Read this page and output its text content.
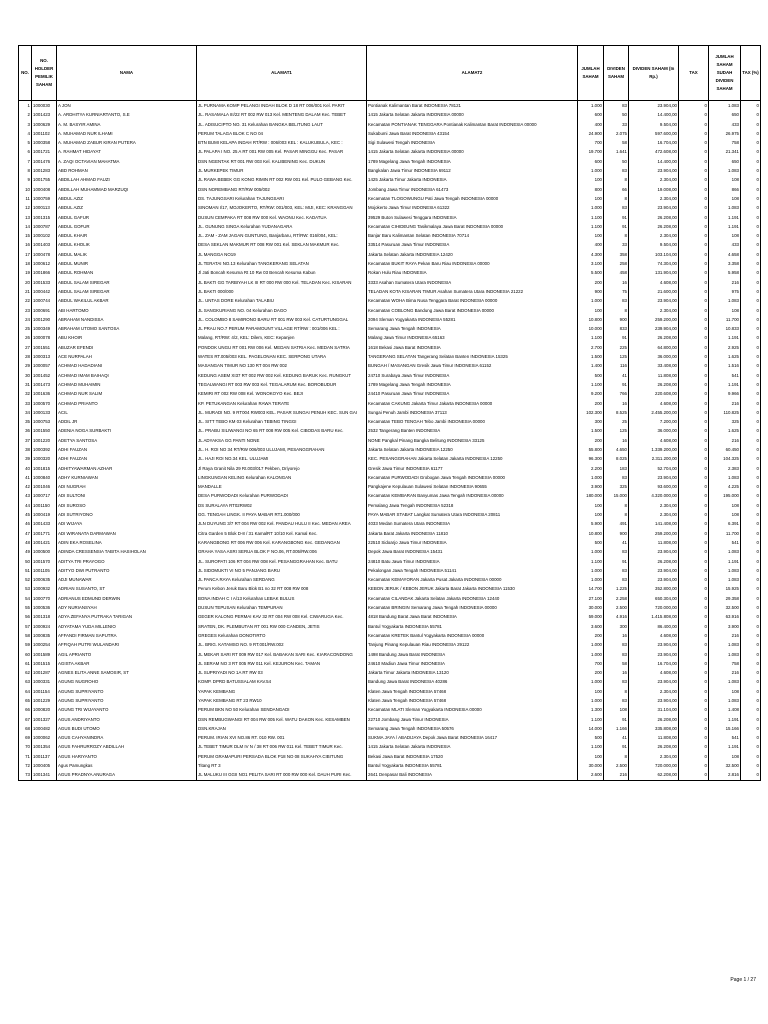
NO.	NO. HOLDER PEMILIK SAHAM	NAMA	ALAMAT1	ALAMAT2	JUMLAH SAHAM	DIVIDEN SAHAM	DIVIDEN SAHAM (In Rp.)	TAX	JUMLAH SAHAM SUDAH DIVIDEN SAHAM	TAX (%)
1	1000030	A JON	JL PURNAMA KOMP PELANGI INDAH BLOK D 18 RT 006/001 Kel. PARIT	Pontianak Kalimantan Barat INDONESIA 78121	1.000	83	23.904,00	0	1.083	0
2	1001423	A. ARDHITYA KURNIARTANTO, S.E	JL. RASAMALA III/22 RT 002 RW 013 Kel. MENTENG DALAM Kec. TEBET	1415 Jakarta Selatan Jakarta INDONESIA 00000	600	50	14.400,00	0	650	0
3	1000629	A. M. BASYIR AMINA	JL. ADISUCIPTO NO. 31 Kelurahan BANGKA BELITUNG LAUT	Kecamatan PONTIANAK TENGGARA Pontianak Kalimantan Barat INDONESIA 00000	400	33	9.504,00	0	433	0
4	1001102	A. MUHAMAD NUR ILHAMI	PERUM TALAGA BLOK C NO 04	Sukabumi Jawa Barat INDONESIA 43154	24.900	2.075	597.600,00	0	26.975	0
5	1000358	A. MUHAMAD ZABUR KIRAN PUTERA	BTN BUMI KELAPA INDAH RT/RW : 006/003 KEL : KALUKUBULA, KEC :	Sigi Sulawesi Tengah INDONESIA	700	58	16.704,00	0	758	0
6	1001721	A. RAHMAT HIDAYAT	JL PALAPA I NO. 25 A RT 001 RW 005 Kel. PASAR MINGGU Kec. PASAR	1415 Jakarta Selatan Jakarta INDONESIA 00000	19.700	1.641	472.608,00	0	21.341	0
7	1001476	A. ZAQI OCTAVIAN MAHATMA	DSN NGENTAK RT 001 RW 003 Kel. KALIBENING Kec. DUKUN	1789 Magelang Jawa Tengah INDONESIA	600	50	14.400,00	0	650	0
8	1001283	ABD ROHMAN	JL MURKEPEK TIMUR	Bangkalan Jawa Timur INDONESIA 69112	1.000	83	23.904,00	0	1.083	0
9	1001755	ABDILLAH AHMAD FAUZI	JL RAWA BEBEK GG KONG RIMIN RT 002 RW 001 Kel. PULO GEBANG Kec.	1425 Jakarta Timur Jakarta INDONESIA	100	8	2.304,00	0	108	0
10	1000408	ABDILLAH MUHAMMAD MARZUQI	DSN NOREMBANG RT/RW 005/002	Jombang Jawa Timur INDONESIA 61473	800	66	19.008,00	0	866	0
11	1000759	ABDUL AZIZ	DS. TAJUNGSARI Kelurahan TAJUNGSARI	Kecamatan TLOGOWUNGU Pati Jawa Tengah INDONESIA 00000	100	8	2.304,00	0	108	0
12	1000113	ABDUL AZIZ	SINOMAN I/17, MOJOKERTO, RT/RW: 001/003, KEL: MIJI, KEC: KRANGGAN	Mojokerto Jawa Timur INDONESIA 61322	1.000	83	23.904,00	0	1.083	0
13	1001315	ABDUL GAFUR	DUSUN CEMPAKA RT 008 RW 000 Kel. WAONU Kec. KADATUA	39529 Buton Sulawesi Tenggara INDONESIA	1.100	91	26.208,00	0	1.191	0
14	1000787	ABDUL GOFUR	JL. GUNUNG SINGA Kelurahan YUDANAGARA	Kecamatan CIHIDEUNG Tasikmalaya Jawa Barat INDONESIA 00000	1.100	91	26.208,00	0	1.191	0
15	1000102	ABDUL KHAIR	JL. ZAM - ZAM JAGAN GUNTUNG, Banjarbaru, RT/RW: 016/004, KEL:	Banjar Baru Kalimantan Selatan INDONESIA 70714	100	8	2.304,00	0	108	0
16	1001403	ABDUL KHOLIK	DESA SEKLAN MAKMUR RT 008 RW 001 Kel. SEKLAN MAKMUR Kec.	33514 Pasuruan Jawa Timur INDONESIA	400	33	9.504,00	0	433	0
17	1000478	ABDUL MALIK	JL MANGGA NO19	Jakarta Selatan Jakarta INDONESIA 12420	4.300	358	103.104,00	0	4.658	0
18	1000612	ABDUL MUNIR	JL TERATAI NO.13 Kelurahan TANGKERANG SELATAN	Kecamatan BUKIT RAYA Pekan Baru Riau INDONESIA 00000	3.100	258	74.304,00	0	3.358	0
19	1001866	ABDUL ROHMAN	Jl Jati Boncah Kesuma Rt 10 Rw 03 Bencah Kesuma Kabun	Rokan Hulu Riau INDONESIA	5.500	458	131.904,00	0	5.958	0
20	1001533	ABDUL SALAM SIREGAR	JL BAKTI GG TARBIYAH LK III RT 000 RW 000 Kel. TELADAN Kec. KISARAN	3333 Asahan Sumatera Utara INDONESIA	200	16	4.608,00	0	216	0
21	1000442	ABDUL SALAM SIREGAR	JL BAKTI 000/000	TELADAN KOTA KISARAN TIMUR Asahan Sumatera Utara INDONESIA 21222	900	75	21.600,00	0	975	0
22	1000744	ABDUL WAKILUL AKBAR	JL. UNTAS DORE Kelurahan TALABIU	Kecamatan WOHA Bima Nusa Tenggara Barat INDONESIA 00000	1.000	83	23.904,00	0	1.083	0
23	1000691	ABI HARTOMO	JL SANGKURIANG NO. 04 Kelurahan DAGO	Kecamatan COBLONG Bandung Jawa Barat INDONESIA 00000	100	8	2.304,00	0	108	0
24	1001290	ABRAHAM NANDISSA	JL. COLOMBO 8 SAMIRONO BARU RT 001 RW 003 Kel. CATURTUNGGAL	2094 Sleman Yogyakarta INDONESIA 55281	10.800	900	259.200,00	0	11.700	0
25	1000349	ABRAHAM UTOMO SANTOSA	JL PRAU NO.7 PERUM PARAMOUNT VILLAGE RT/RW : 001/006 KEL :	Semarang Jawa Tengah INDONESIA	10.000	833	239.904,00	0	10.833	0
26	1000078	ABU KHOIR	Malang, RT/RW: 4/2, KEL: Dilem, KEC: Kepanjen	Malang Jawa Timur INDONESIA 65163	1.100	91	26.208,00	0	1.191	0
27	1001551	ABUZAR EFENDI	PONDOK UNGU RT 001 RW 006 Kel. MEDAN SATRIA Kec. MEDAN SATRIA	1618 Bekasi Jawa Barat INDONESIA	2.700	225	64.800,00	0	2.925	0
28	1000313	ACE NURPALAH	WATES RT.005/003 KEL. PAGELONAN KEC. SERPONG UTARA	TANGERANG SELATAN Tangerang Selatan Banten INDONESIA 15325	1.500	125	36.000,00	0	1.625	0
29	1000057	ACHMAD HADADIANI	MASANGAN TIMUR NO 130 RT 004 RW 002	BUNGAH / MASANGAN Gresik Jawa Timur INDONESIA 61152	1.400	116	33.408,00	0	1.516	0
30	1001452	ACHMAD IMAM BAIHAQI	KEDUNG ASEM XI37 RT 002 RW 002 Kel. KEDUNG BARUK Kec. RUNGKUT	24710 Surabaya Jawa Timur INDONESIA	500	41	11.808,00	0	541	0
31	1001473	ACHMAD MUHAIMIN	TEGALWANGI RT 003 RW 003 Kel. TEGALARUM Kec. BOROBUDUR	1789 Magelang Jawa Tengah INDONESIA	1.100	91	26.208,00	0	1.191	0
32	1001636	ACHMAD NUR SALIM	KEMIRI RT 002 RW 008 Kel. WONOKOYO Kec. BEJI	24410 Pasuruan Jawa Timur INDONESIA	9.200	766	220.608,00	0	9.966	0
33	1000570	ACHMAD PRIANTO	KP. PETUKANGAN Kelurahan RAWA TERATE	Kecamatan CAKUNG Jakarta Timur Jakarta INDONESIA 00000	200	16	4.608,00	0	216	0
34	1000133	ACIL	JL. MURADI NO. 9 RT004 RW003 KEL. PASAR SUNGAI PENUH KEC. SUN GAI	Sungai Penuh Jambi INDONESIA 37113	102.300	8.525	2.455.200,00	0	110.825	0
35	1000753	ADDIL JR	JL. SITT TEBO KM 03 Kelurahan TEBING TINGGI	Kecamatan TEBO TENGAH Tebo Jambi INDONESIA 00000	300	25	7.200,00	0	325	0
36	1001550	ADENIA NOGA SURBAKTI	JL. PRABU SILIWANGI NO 65 RT 008 RW 005 Kel. CIBODAS BARU Kec.	2532 Tangerang Banten INDONESIA	1.500	125	36.000,00	0	1.625	0
37	1001220	ADETYA SANTOSA	JL ADYAKSA GG PANTI NONE	NONE Pangkal Pinang Bangka Belitung INDONESIA 33125	200	16	4.608,00	0	216	0
38	1000392	ADHI FAUZAN	JL. H. ROI NO 34 RT/RW 006/003 ULUJAMI, PESANGGRAHAN	Jakarta Selatan Jakarta INDONESIA 12250	55.800	4.650	1.339.200,00	0	60.450	0
39	1000320	ADHI FAUZAN	JL. HAJI ROI NO.34 KEL. ULUJAMI	KEC. PESANGGRAHAN Jakarta Selatan Jakarta INDONESIA 12250	96.300	8.025	2.311.200,00	0	104.325	0
40	1001815	ADHITYAWARMAN AZHAR	Jl Raya Granit Nila 29 Rt.003/017 Pekben, Driyorejo	Gresik Jawa Timur INDONESIA 61177	2.200	183	52.704,00	0	2.383	0
41	1000840	ADHY KURNIAWAN	LINGKUNGAN KELING Kelurahan KALONGAN	Kecamatan PURWODADI Grobogan Jawa Tengah INDONESIA 00000	1.000	83	23.904,00	0	1.083	0
42	1001046	ADI NUGRAH	MANDALLE	Pangkajene Kepulauan Sulawesi Selatan INDONESIA 90655	3.900	325	93.600,00	0	4.225	0
43	1000717	ADI SULTONI	DESA PURWODADI Kelurahan PURWODADI	Kecamatan KEMBARAN Banyumas Jawa Tengah INDONESIA 00000	180.000	15.000	4.320.000,00	0	195.000	0
44	1001150	ADI SUROSO	DS SURALAYA RT02RW02	Pemalang Jawa Tengah INDONESIA 52318	100	8	2.304,00	0	108	0
45	1000419	ADI SUTRIYONO	GG. TENGAH LINGK. II PAYA MABAR RT1.000/000	PAYA MABAR STABAT Langkat Sumatera Utara INDONESIA 20811	100	8	2.304,00	0	108	0
46	1001433	ADI WIJAYA	JLN DUYUNG 3/7 RT 004 RW 002 Kel. PANDAU HULU II Kec. MEDAN AREA	4033 Medan Sumatera Utara INDONESIA	5.900	491	141.408,00	0	6.391	0
47	1001771	ADI WIRANATA DARMAWAN	Citra Garden 5 Blok D-8 / 31 KamalRT 10/10 Kel. Kamal Kec.	Jakarta Barat Jakarta INDONESIA 11810	10.800	900	259.200,00	0	11.700	0
48	1001421	ADIN EKA ROSELINA	KARANGBONG RT 006 RW 006 Kel. KARANGBONG Kec. GEDANGAN	22510 Sidoarjo Jawa Timur INDONESIA	500	41	11.808,00	0	541	0
49	1000500	ADINDA CRESSENSIA TABITA HASIHOLAN	GRAHA YASA ASRI SERUA BLOK F NO.06, RT.005/RW.006	Depok Jawa Barat INDONESIA 15431	1.000	83	23.904,00	0	1.083	0
50	1001570	ADITYA TRI PRAYOGO	JL. SUROPATI 106 RT 004 RW 008 Kel. PESANGGRAHAN Kec. BATU	24810 Batu Jawa Timur INDONESIA	1.100	91	26.208,00	0	1.191	0
51	1001105	ADITYO DWI PUTRANTO	JL SIDOMUKTI VI NO 5 PANJANG BARU	Pekalongan Jawa Tengah INDONESIA 51141	1.000	83	23.904,00	0	1.083	0
52	1000635	ADJI MUNAWAR	JL PANCA RAYA Kelurahan SERDANG	Kecamatan KEMAYORAN Jakarta Pusat Jakarta INDONESIA 00000	1.000	83	23.904,00	0	1.083	0
53	1000932	ADRIAN SUSANTO, ST	Perum Kebon Jeruk Baru Blok B1 no 32 RT 008 RW 008	KEBON JERUK / KEBON JERUK Jakarta Barat Jakarta INDONESIA 11530	14.700	1.225	352.800,00	0	15.925	0
54	1000770	ADRIANUS EDMUND DERWIN	BONA INDAH C I A/13 Kelurahan LEBAK BULUS	Kecamatan CILANDAK Jakarta Selatan Jakarta INDONESIA 12440	27.100	2.258	650.304,00	0	29.358	0
55	1000536	ADY NURIANSYAH	DUSUN TEPUSAN Kelurahan TEMPURAN	Kecamatan BRINGIN Semarang Jawa Tengah INDONESIA 00000	30.000	2.500	720.000,00	0	32.500	0
56	1001318	ADYA ZEFANYA PUTRAKA TARIGAN	GEGER KALONG PERMAI KAV 32 RT 004 RW 008 Kel. CIWARUGA Kec.	4818 Bandung Barat Jawa Barat INDONESIA	59.000	4.916	1.415.808,00	0	63.916	0
57	1000924	ADYATAMA YUDA MILLENIO	SRATEN, DK. PLEMBUTAN RT 001 RW 000 CANDEN, JETIS	Bantul Yogyakarta INDONESIA 55781	3.600	300	86.400,00	0	3.900	0
58	1000835	AFFANDI FIRMAN SAPUTRA	GREGES Kelurahan DONOTIRTO	Kecamatan KRETEK Bantul Yogyakarta INDONESIA 00000	200	16	4.608,00	0	216	0
59	1000254	AFFIQAH PUTRI WULANDARI	JL. BRIG. KATAMSO NO. 9 RT.001/RW.002	Tanjung Pinang Kepulauan Riau INDONESIA 29122	1.000	83	23.904,00	0	1.083	0
60	1001589	AGIL APRIANTO	JL MEKAR SARI RT 009 RW 017 Kel. BABAKAN SARI Kec. KIARACONDONG	1498 Bandung Jawa Barat INDONESIA	1.000	83	23.904,00	0	1.083	0
61	1001515	AGISTA AKBAR	JL SERAM NO 3 RT 005 RW 011 Kel. KEJURON Kec. TAMAN	24610 Madiun Jawa Timur INDONESIA	700	58	16.704,00	0	758	0
62	1001287	AGNES ELITA ANNE SAMOSIR, ST	JL SUPRIYADI NO 1A RT RW 03	Jakarta Timur Jakarta INDONESIA 13120	200	16	4.608,00	0	216	0
63	1000331	AGUNG NUGROHO	KOMP. DPRD BATUSSALAM KAV.54	Bandung Jawa Barat INDONESIA 40286	1.000	83	23.904,00	0	1.083	0
64	1001154	AGUNG SUPRIYANTO	YAPAK KEMBANG	Klaten Jawa Tengah INDONESIA 57468	100	8	2.304,00	0	108	0
65	1001229	AGUNG SUPRIYANTO	YAPAK KEMBANG RT 23 RW10	Klaten Jawa Tengah INDONESIA 57468	1.000	83	23.904,00	0	1.083	0
66	1000820	AGUNG TRI WIJAYANTO	PERUM BKN NO 50 Kelurahan SENDANGADI	Kecamatan MLATI Sleman Yogyakarta INDONESIA 00000	1.300	108	31.104,00	0	1.408	0
67	1001327	AGUS ANDRIYANTO	DSN REMBUGWANGI RT 004 RW 005 Kel. WATU DAKON Kec. KESAMBEN	22710 Jombang Jawa Timur INDONESIA	1.100	91	26.208,00	0	1.191	0
68	1000482	AGUS BUDI UTOMO	DSN.KRAJAN	Semarang Jawa Tengah INDONESIA 50576	14.000	1.166	335.808,00	0	15.166	0
69	1000062	AGUS CAHYANINDRA	PERUM. IRIAN XVI NO.86 RT. 010 RW. 001	SUKMA JAYA / ABADIJAYA Depok Jawa Barat INDONESIA 16417	500	41	11.808,00	0	541	0
70	1001354	AGUS FAHRURROZY ABDILLAH	JL TEBET TIMUR DLM IV N / 38 RT 006 RW 011 Kel. TEBET TIMUR Kec.	1415 Jakarta Selatan Jakarta INDONESIA	1.100	91	26.208,00	0	1.191	0
71	1001137	AGUS HARIYANTO	PERUM GRAMAPURI PERSADA BLOK P18 NO 08 SUKAHYA CIBITUNG	Bekasi Jawa Barat INDONESIA 17520	100	8	2.304,00	0	108	0
72	1000405	Agus Pamungkas	Titang RT 3	Bantul Yogyakarta INDONESIA 55781	30.000	2.500	720.000,00	0	32.500	0
73	1001341	AGUS PRADNYA ANURAGA	JL MALUKU III GGII NO1 PELITA SARI RT 000 RW 000 Kel. DAUH PURI Kec.	2641 Denpasar Bali INDONESIA	2.600	216	62.208,00	0	2.816	0
Page 1 / 27
